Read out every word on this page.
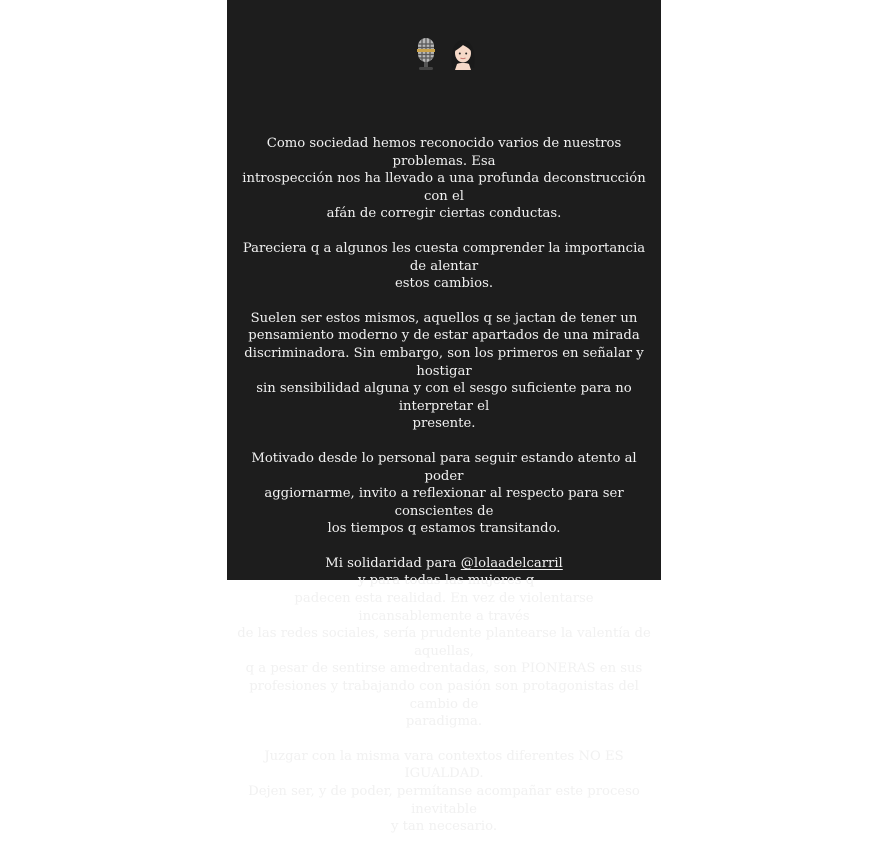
Como sociedad hemos reconocido varios de nuestros problemas. Esa
introspección nos ha llevado a una profunda deconstrucción con el
afán de corregir ciertas conductas.

Pareciera q a algunos les cuesta comprender la importancia de alentar
estos cambios.

Suelen ser estos mismos, aquellos q se jactan de tener un
pensamiento moderno y de estar apartados de una mirada
discriminadora. Sin embargo, son los primeros en señalar y hostigar
sin sensibilidad alguna y con el sesgo suficiente para no interpretar el
presente.

Motivado desde lo personal para seguir estando atento al poder
aggiornarme, invito a reflexionar al respecto para ser conscientes de
los tiempos q estamos transitando.

Mi solidaridad para @lolaadelcarril y para todas las mujeres q
padecen esta realidad. En vez de violentarse incansablemente a través
de las redes sociales, sería prudente plantearse la valentía de aquellas,
q a pesar de sentirse amedrentadas, son PIONERAS en sus
profesiones y trabajando con pasión son protagonistas del cambio de
paradigma.

Juzgar con la misma vara contextos diferentes NO ES IGUALDAD.
Dejen ser, y de poder, permítanse acompañar este proceso inevitable
y tan necesario.
